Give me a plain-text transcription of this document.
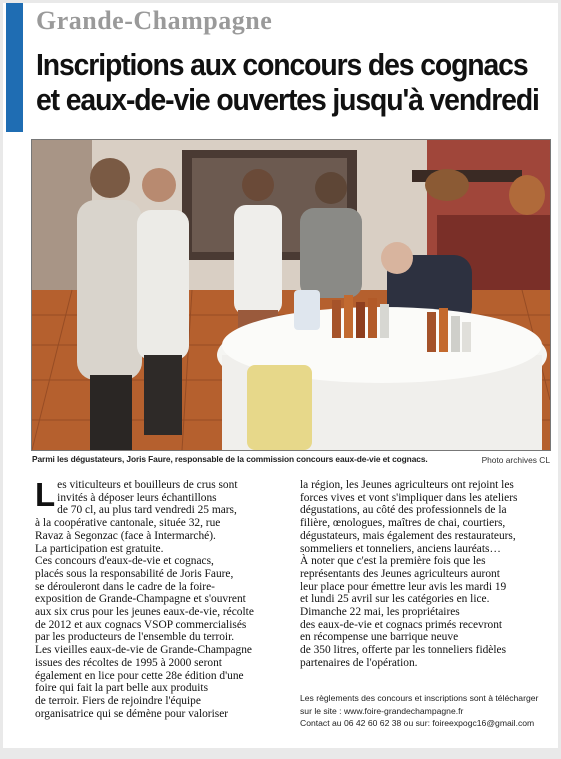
Grande-Champagne
Inscriptions aux concours des cognacs
et eaux-de-vie ouvertes jusqu'à vendredi
Parmi les dégustateurs, Joris Faure, responsable de la commission concours eaux-de-vie et cognacs.	Photo archives CL
L es viticulteurs et bouilleurs de crus sont
invités à déposer leurs échantillons
de 70 cl, au plus tard vendredi 25 mars,
à la coopérative cantonale, située 32, rue
Ravaz à Segonzac (face à Intermarché).
La participation est gratuite.
Ces concours d'eaux-de-vie et cognacs,
placés sous la responsabilité de Joris Faure,
se dérouleront dans le cadre de la foire-
exposition de Grande-Champagne et s'ouvrent
aux six crus pour les jeunes eaux-de-vie, récolte
de 2012 et aux cognacs VSOP commercialisés
par les producteurs de l'ensemble du terroir.
Les vieilles eaux-de-vie de Grande-Champagne
issues des récoltes de 1995 à 2000 seront
également en lice pour cette 28e édition d'une
foire qui fait la part belle aux produits
de terroir. Fiers de rejoindre l'équipe
organisatrice qui se démène pour valoriser
la région, les Jeunes agriculteurs ont rejoint les
forces vives et vont s'impliquer dans les ateliers
dégustations, au côté des professionnels de la
filière, œnologues, maîtres de chai, courtiers,
dégustateurs, mais également des restaurateurs,
sommeliers et tonneliers, anciens lauréats…
À noter que c'est la première fois que les
représentants des Jeunes agriculteurs auront
leur place pour émettre leur avis les mardi 19
et lundi 25 avril sur les catégories en lice.
Dimanche 22 mai, les propriétaires
des eaux-de-vie et cognacs primés recevront
en récompense une barrique neuve
de 350 litres, offerte par les tonneliers fidèles
partenaires de l'opération.
Les règlements des concours et inscriptions sont à télécharger
sur le site : www.foire-grandechampagne.fr
Contact au 06 42 60 62 38 ou sur: foireexpogc16@gmail.com
